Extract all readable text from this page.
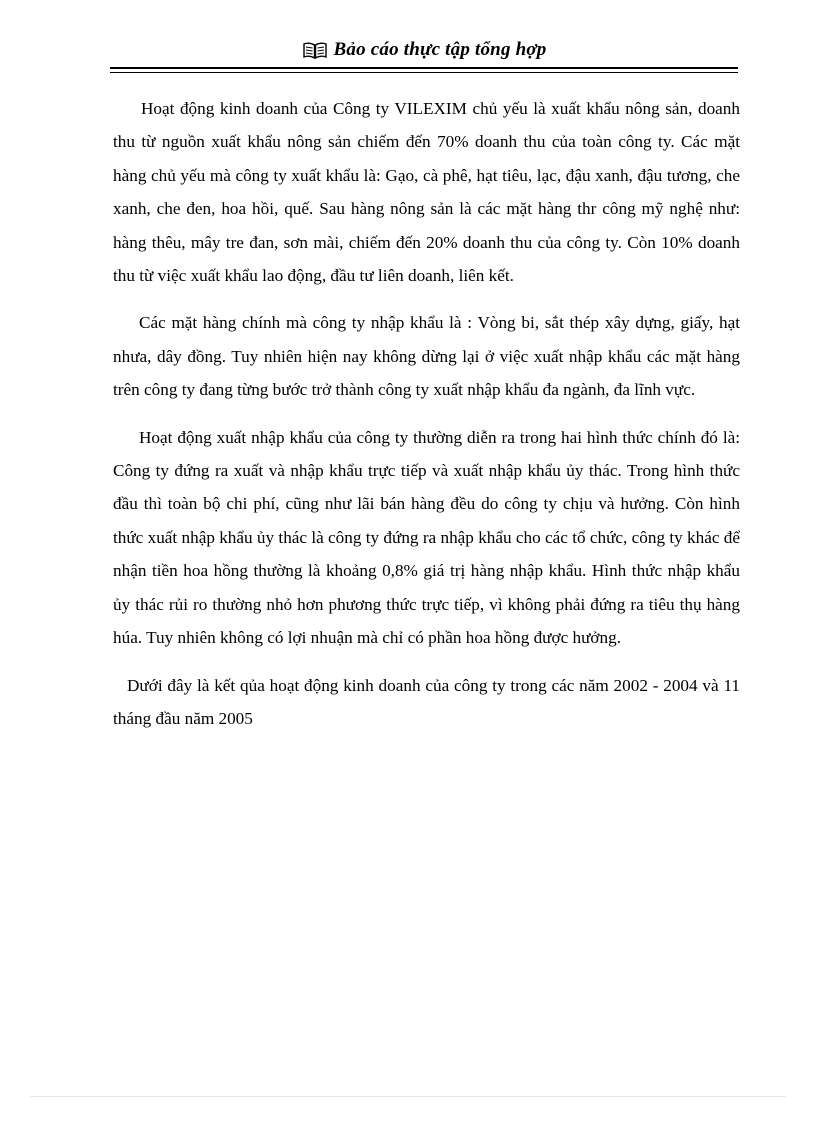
Bảo cáo thực tập tổng hợp

Hoạt động kinh doanh của Công ty VILEXIM chủ yếu là xuất khẩu nông sản, doanh thu từ nguồn xuất khẩu nông sản chiếm đến 70% doanh thu của toàn công ty. Các mặt hàng chủ yếu mà công ty xuất khẩu là: Gạo, cà phê, hạt tiêu, lạc, đậu xanh, đậu tương, che xanh, che đen, hoa hồi, quế. Sau hàng nông sản là các mặt hàng thr công mỹ nghệ như: hàng thêu, mây tre đan, sơn mài, chiếm đến 20% doanh thu của công ty. Còn 10% doanh thu từ việc xuất khẩu lao động, đầu tư liên doanh, liên kết.

Các mặt hàng chính mà công ty nhập khẩu là : Vòng bi, sắt thép xây dựng, giấy, hạt nhưa, dây đồng. Tuy nhiên hiện nay không dừng lại ở việc xuất nhập khẩu các mặt hàng trên công ty đang từng bước trở thành công ty xuất nhập khẩu đa ngành, đa lĩnh vực.

Hoạt động xuất nhập khẩu của công ty thường diễn ra trong hai hình thức chính đó là: Công ty đứng ra xuất và nhập khẩu trực tiếp và xuất nhập khẩu ủy thác. Trong hình thức đầu thì toàn bộ chi phí, cũng như lãi bán hàng đều do công ty chịu và hưởng. Còn hình thức xuất nhập khẩu ủy thác là công ty đứng ra nhập khẩu cho các tổ chức, công ty khác để nhận tiền hoa hồng thường là khoảng 0,8% giá trị hàng nhập khẩu. Hình thức nhập khẩu ủy thác rủi ro thường nhỏ hơn phương thức trực tiếp, vì không phải đứng ra tiêu thụ hàng húa. Tuy nhiên không có lợi nhuận mà chỉ có phần hoa hồng được hưởng.

Dưới đây là kết qủa hoạt động kinh doanh của công ty trong các năm 2002 - 2004 và 11 tháng đầu năm 2005
